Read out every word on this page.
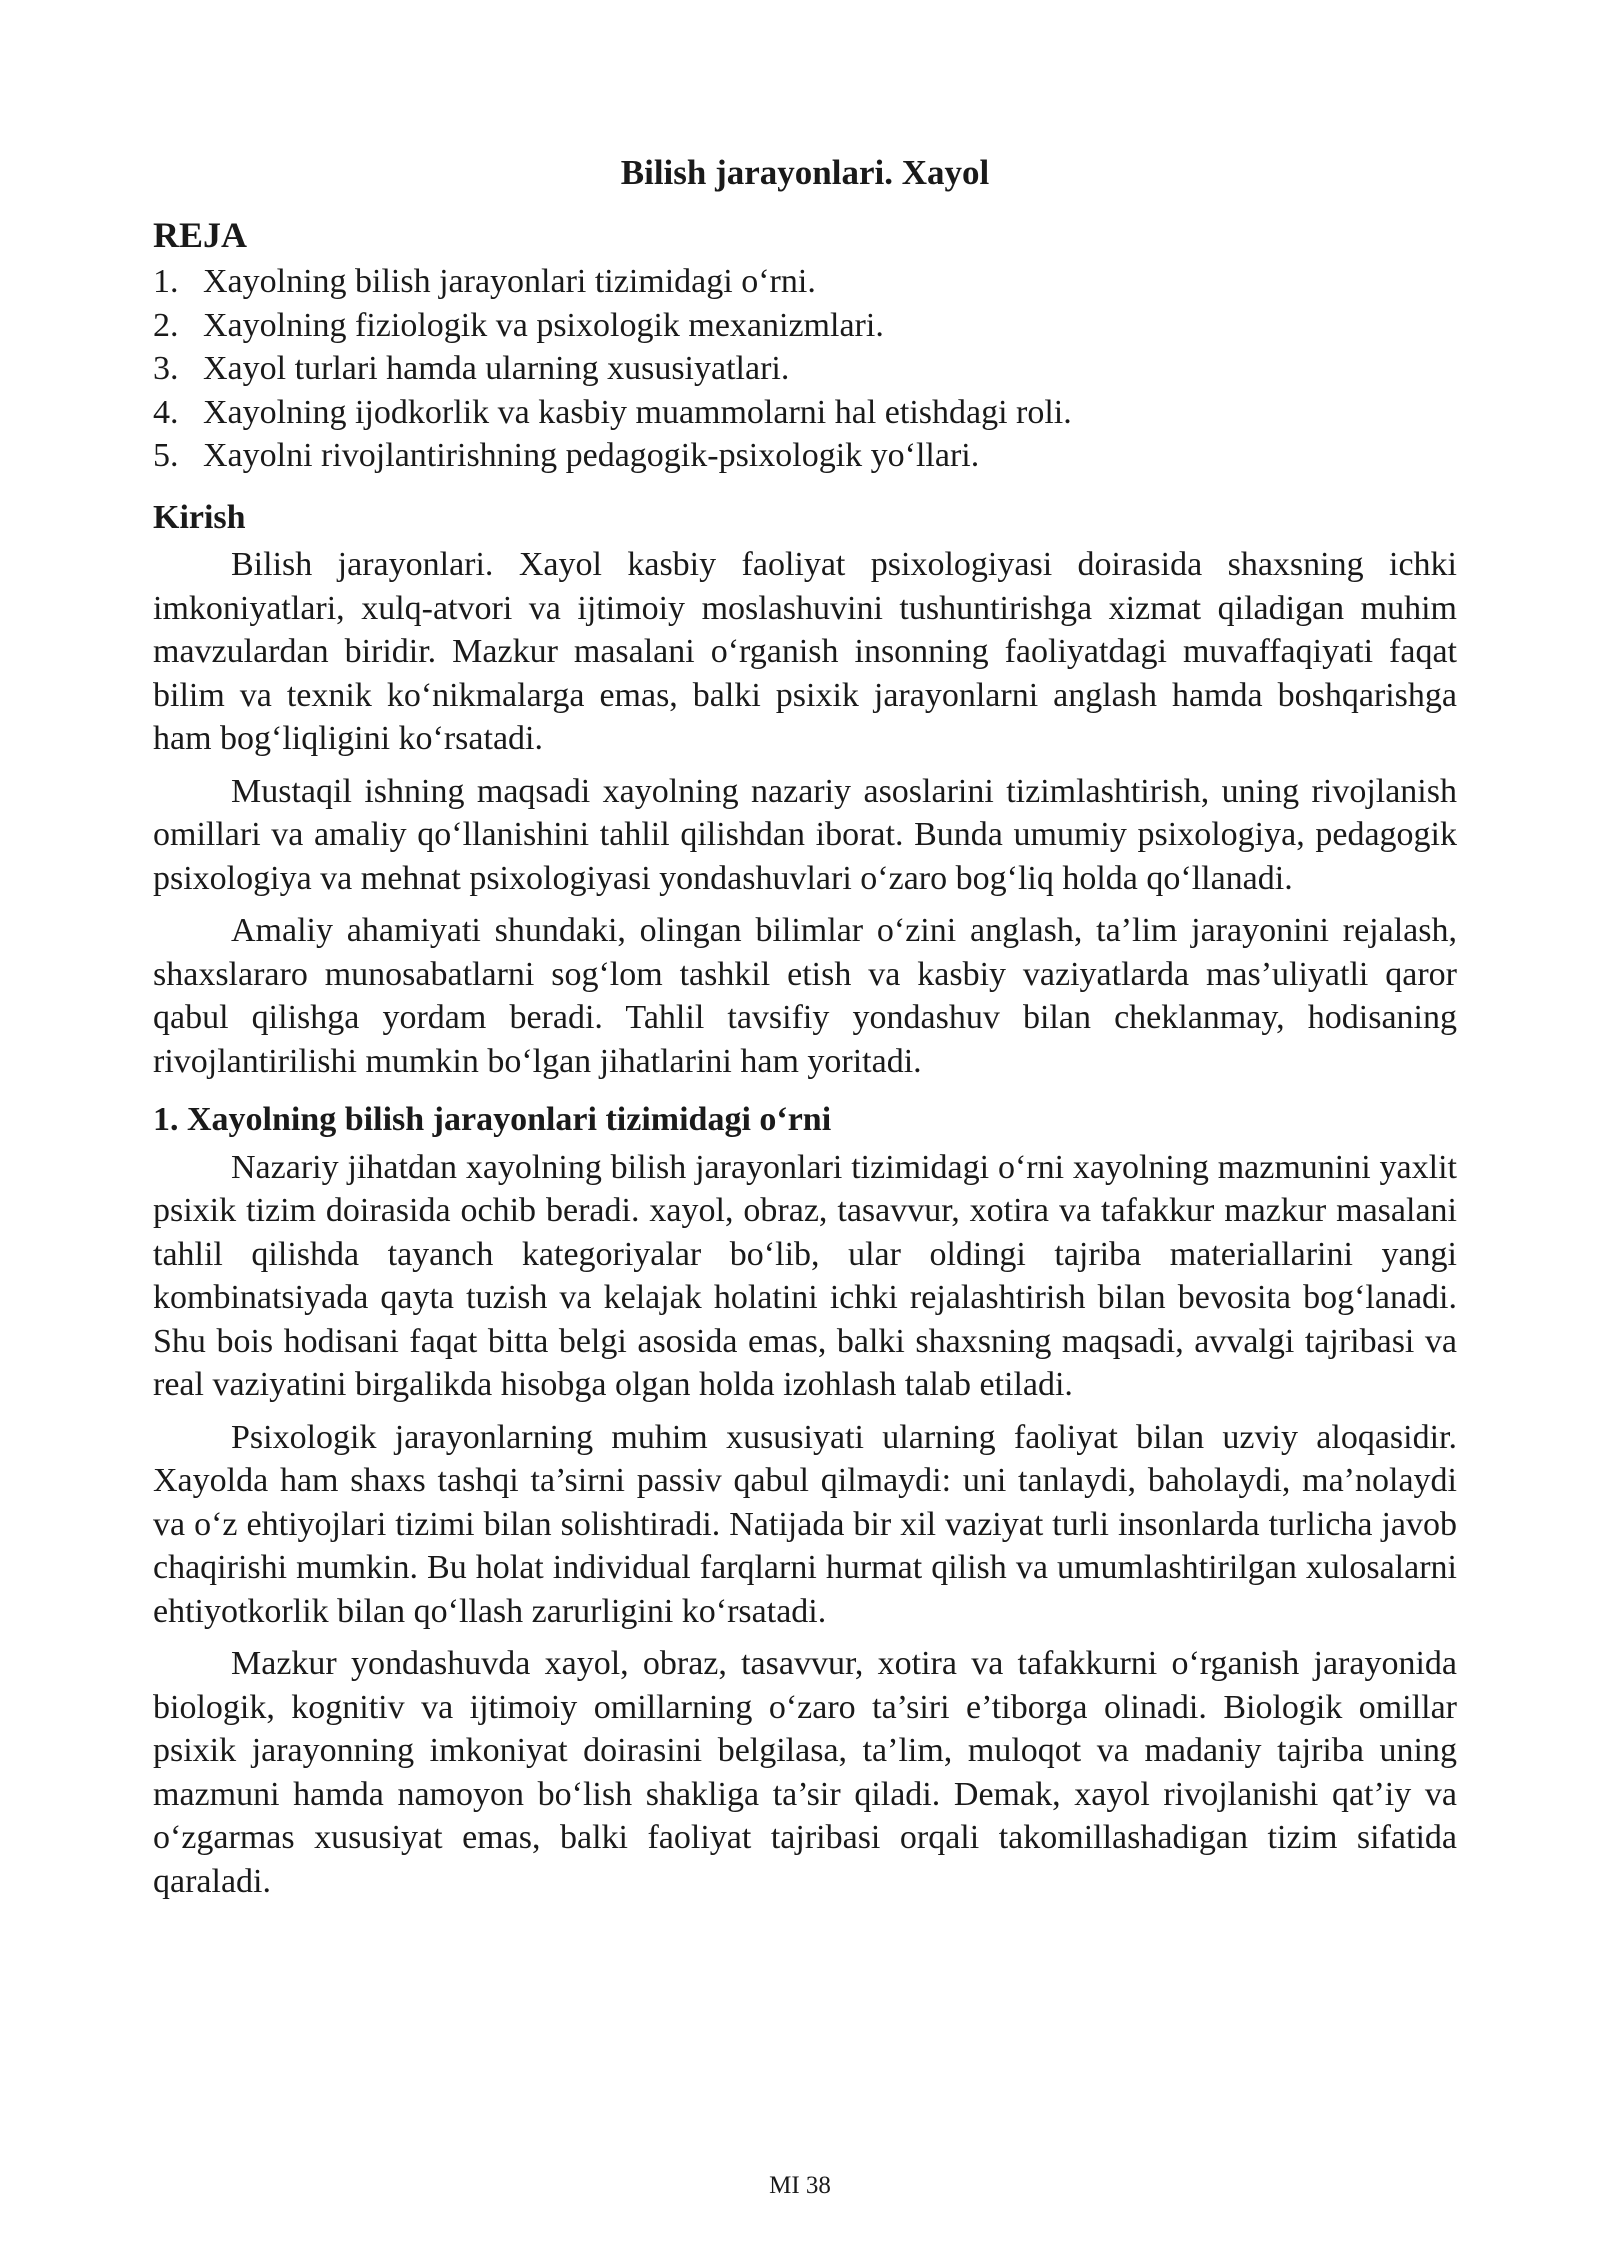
Bilish jarayonlari. Xayol
REJA
1. Xayolning bilish jarayonlari tizimidagi o‘rni.
2. Xayolning fiziologik va psixologik mexanizmlari.
3. Xayol turlari hamda ularning xususiyatlari.
4. Xayolning ijodkorlik va kasbiy muammolarni hal etishdagi roli.
5. Xayolni rivojlantirishning pedagogik-psixologik yo‘llari.
Kirish

Bilish jarayonlari. Xayol kasbiy faoliyat psixologiyasi doirasida shaxsning ichki imkoniyatlari, xulq-atvori va ijtimoiy moslashuvini tushuntirishga xizmat qiladigan muhim mavzulardan biridir. Mazkur masalani o‘rganish insonning faoliyatdagi muvaffaqiyati faqat bilim va texnik ko‘nikmalarga emas, balki psixik jarayonlarni anglash hamda boshqarishga ham bog‘liqligini ko‘rsatadi.

Mustaqil ishning maqsadi xayolning nazariy asoslarini tizimlashtirish, uning rivojlanish omillari va amaliy qo‘llanishini tahlil qilishdan iborat. Bunda umumiy psixologiya, pedagogik psixologiya va mehnat psixologiyasi yondashuvlari o‘zaro bog‘liq holda qo‘llanadi.

Amaliy ahamiyati shundaki, olingan bilimlar o‘zini anglash, ta’lim jarayonini rejalash, shaxslararo munosabatlarni sog‘lom tashkil etish va kasbiy vaziyatlarda mas’uliyatli qaror qabul qilishga yordam beradi. Tahlil tavsifiy yondashuv bilan cheklanmay, hodisaning rivojlantirilishi mumkin bo‘lgan jihatlarini ham yoritadi.

1. Xayolning bilish jarayonlari tizimidagi o‘rni

Nazariy jihatdan xayolning bilish jarayonlari tizimidagi o‘rni xayolning mazmunini yaxlit psixik tizim doirasida ochib beradi. xayol, obraz, tasavvur, xotira va tafakkur mazkur masalani tahlil qilishda tayanch kategoriyalar bo‘lib, ular oldingi tajriba materiallarini yangi kombinatsiyada qayta tuzish va kelajak holatini ichki rejalashtirish bilan bevosita bog‘lanadi. Shu bois hodisani faqat bitta belgi asosida emas, balki shaxsning maqsadi, avvalgi tajribasi va real vaziyatini birgalikda hisobga olgan holda izohlash talab etiladi.

Psixologik jarayonlarning muhim xususiyati ularning faoliyat bilan uzviy aloqasidir. Xayolda ham shaxs tashqi ta’sirni passiv qabul qilmaydi: uni tanlaydi, baholaydi, ma’nolaydi va o‘z ehtiyojlari tizimi bilan solishtiradi. Natijada bir xil vaziyat turli insonlarda turlicha javob chaqirishi mumkin. Bu holat individual farqlarni hurmat qilish va umumlashtirilgan xulosalarni ehtiyotkorlik bilan qo‘llash zarurligini ko‘rsatadi.

Mazkur yondashuvda xayol, obraz, tasavvur, xotira va tafakkurni o‘rganish jarayonida biologik, kognitiv va ijtimoiy omillarning o‘zaro ta’siri e’tiborga olinadi. Biologik omillar psixik jarayonning imkoniyat doirasini belgilasa, ta’lim, muloqot va madaniy tajriba uning mazmuni hamda namoyon bo‘lish shakliga ta’sir qiladi. Demak, xayol rivojlanishi qat’iy va o‘zgarmas xususiyat emas, balki faoliyat tajribasi orqali takomillashadigan tizim sifatida qaraladi.

MI 38
